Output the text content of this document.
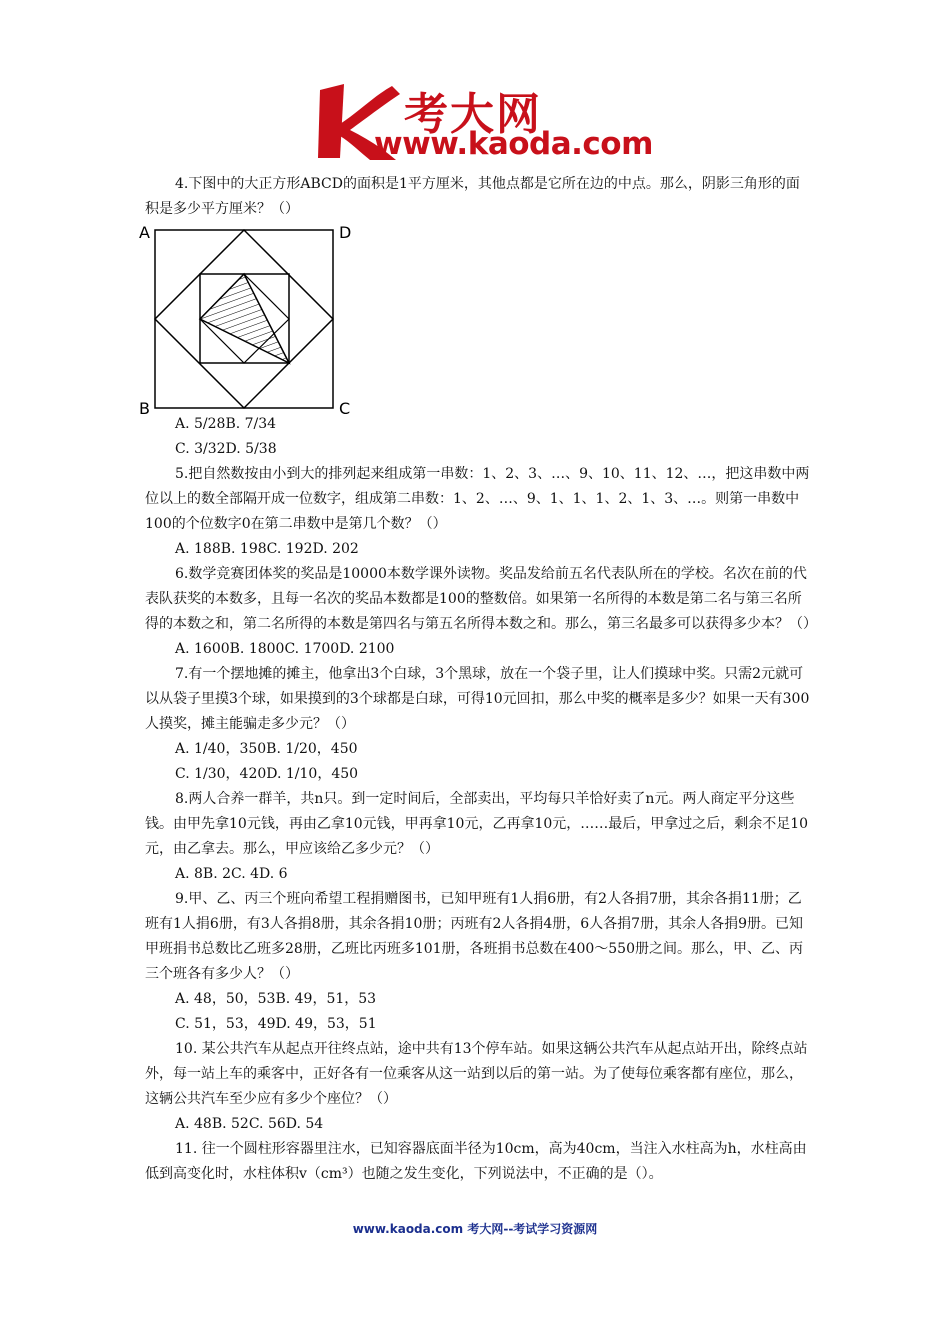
考大网
www.kaoda.com

4.下图中的大正方形ABCD的面积是1平方厘米，其他点都是它所在边的中点。那么，阴影三角形的面积是多少平方厘米？（）

A	D
B	C

A. 5/28B. 7/34

C. 3/32D. 5/38

5.把自然数按由小到大的排列起来组成第一串数：1、2、3、…、9、10、11、12、…，把这串数中两位以上的数全部隔开成一位数字，组成第二串数：1、2、…、9、1、1、1、2、1、3、…。则第一串数中100的个位数字0在第二串数中是第几个数？（）

A. 188B. 198C. 192D. 202

6.数学竞赛团体奖的奖品是10000本数学课外读物。奖品发给前五名代表队所在的学校。名次在前的代表队获奖的本数多，且每一名次的奖品本数都是100的整数倍。如果第一名所得的本数是第二名与第三名所得的本数之和，第二名所得的本数是第四名与第五名所得本数之和。那么，第三名最多可以获得多少本？（）

A. 1600B. 1800C. 1700D. 2100

7.有一个摆地摊的摊主，他拿出3个白球，3个黑球，放在一个袋子里，让人们摸球中奖。只需2元就可以从袋子里摸3个球，如果摸到的3个球都是白球，可得10元回扣，那么中奖的概率是多少？如果一天有300人摸奖，摊主能骗走多少元？（）

A. 1/40，350B. 1/20，450

C. 1/30，420D. 1/10，450

8.两人合养一群羊，共n只。到一定时间后，全部卖出，平均每只羊恰好卖了n元。两人商定平分这些钱。由甲先拿10元钱，再由乙拿10元钱，甲再拿10元，乙再拿10元，……最后，甲拿过之后，剩余不足10元，由乙拿去。那么，甲应该给乙多少元？（）

A. 8B. 2C. 4D. 6

9.甲、乙、丙三个班向希望工程捐赠图书，已知甲班有1人捐6册，有2人各捐7册，其余各捐11册；乙班有1人捐6册，有3人各捐8册，其余各捐10册；丙班有2人各捐4册，6人各捐7册，其余人各捐9册。已知甲班捐书总数比乙班多28册，乙班比丙班多101册，各班捐书总数在400～550册之间。那么，甲、乙、丙三个班各有多少人？（）

A. 48，50，53B. 49，51，53

C. 51，53，49D. 49，53，51

10. 某公共汽车从起点开往终点站，途中共有13个停车站。如果这辆公共汽车从起点站开出，除终点站外，每一站上车的乘客中，正好各有一位乘客从这一站到以后的第一站。为了使每位乘客都有座位，那么，这辆公共汽车至少应有多少个座位？（）

A. 48B. 52C. 56D. 54

11. 往一个圆柱形容器里注水，已知容器底面半径为10cm，高为40cm，当注入水柱高为h，水柱高由低到高变化时，水柱体积v（cm³）也随之发生变化，下列说法中，不正确的是（）。

www.kaoda.com 考大网--考试学习资源网
